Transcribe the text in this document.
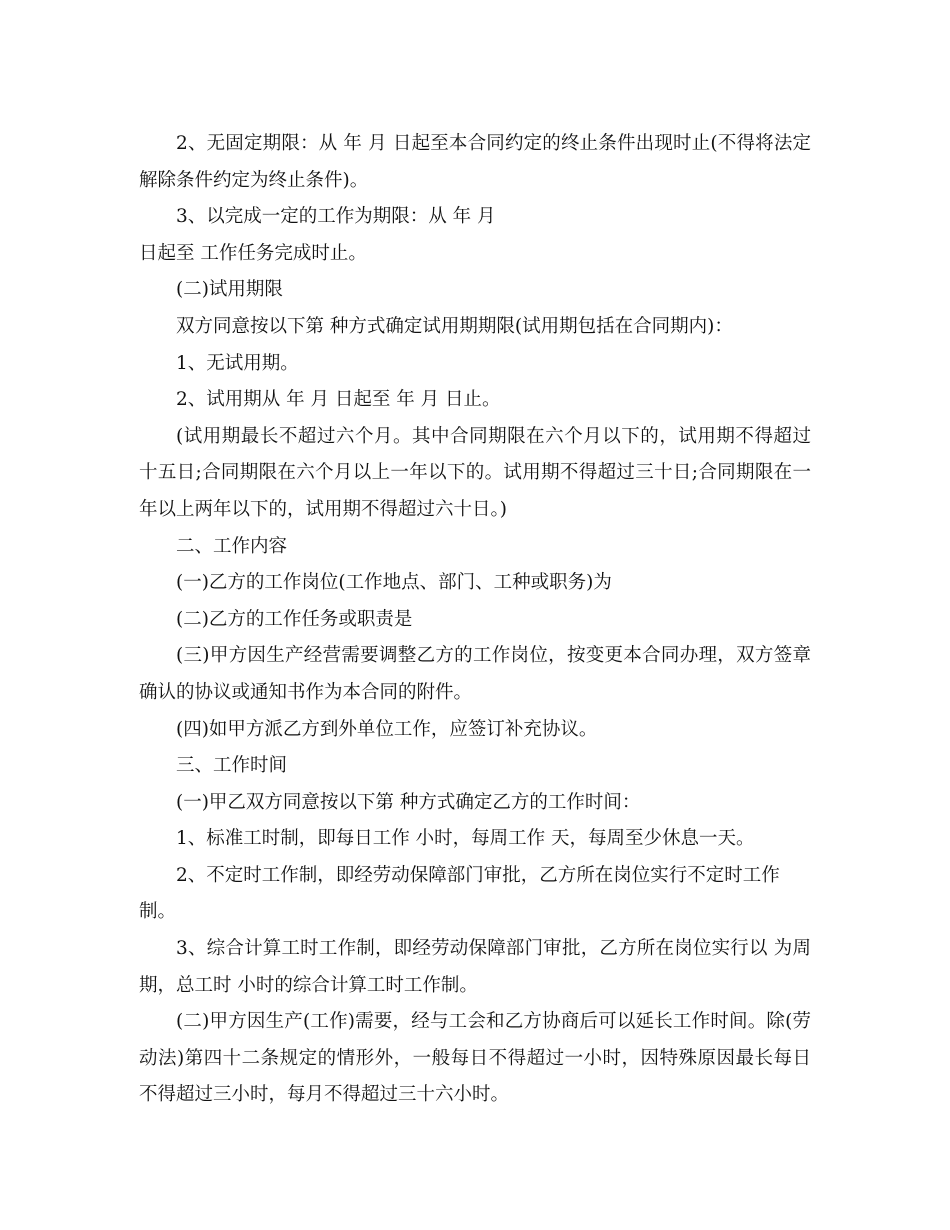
2、无固定期限：从 年 月 日起至本合同约定的终止条件出现时止(不得将法定解除条件约定为终止条件)。

3、以完成一定的工作为期限：从 年 月

日起至 工作任务完成时止。

(二)试用期限

双方同意按以下第 种方式确定试用期期限(试用期包括在合同期内)：

1、无试用期。

2、试用期从 年 月 日起至 年 月 日止。

(试用期最长不超过六个月。其中合同期限在六个月以下的，试用期不得超过十五日;合同期限在六个月以上一年以下的。试用期不得超过三十日;合同期限在一年以上两年以下的，试用期不得超过六十日。)

二、工作内容

(一)乙方的工作岗位(工作地点、部门、工种或职务)为

(二)乙方的工作任务或职责是

(三)甲方因生产经营需要调整乙方的工作岗位，按变更本合同办理，双方签章确认的协议或通知书作为本合同的附件。

(四)如甲方派乙方到外单位工作，应签订补充协议。

三、工作时间

(一)甲乙双方同意按以下第 种方式确定乙方的工作时间：

1、标准工时制，即每日工作 小时，每周工作 天，每周至少休息一天。

2、不定时工作制，即经劳动保障部门审批，乙方所在岗位实行不定时工作

制。

3、综合计算工时工作制，即经劳动保障部门审批，乙方所在岗位实行以 为周期，总工时 小时的综合计算工时工作制。

(二)甲方因生产(工作)需要，经与工会和乙方协商后可以延长工作时间。除(劳动法)第四十二条规定的情形外，一般每日不得超过一小时，因特殊原因最长每日不得超过三小时，每月不得超过三十六小时。
